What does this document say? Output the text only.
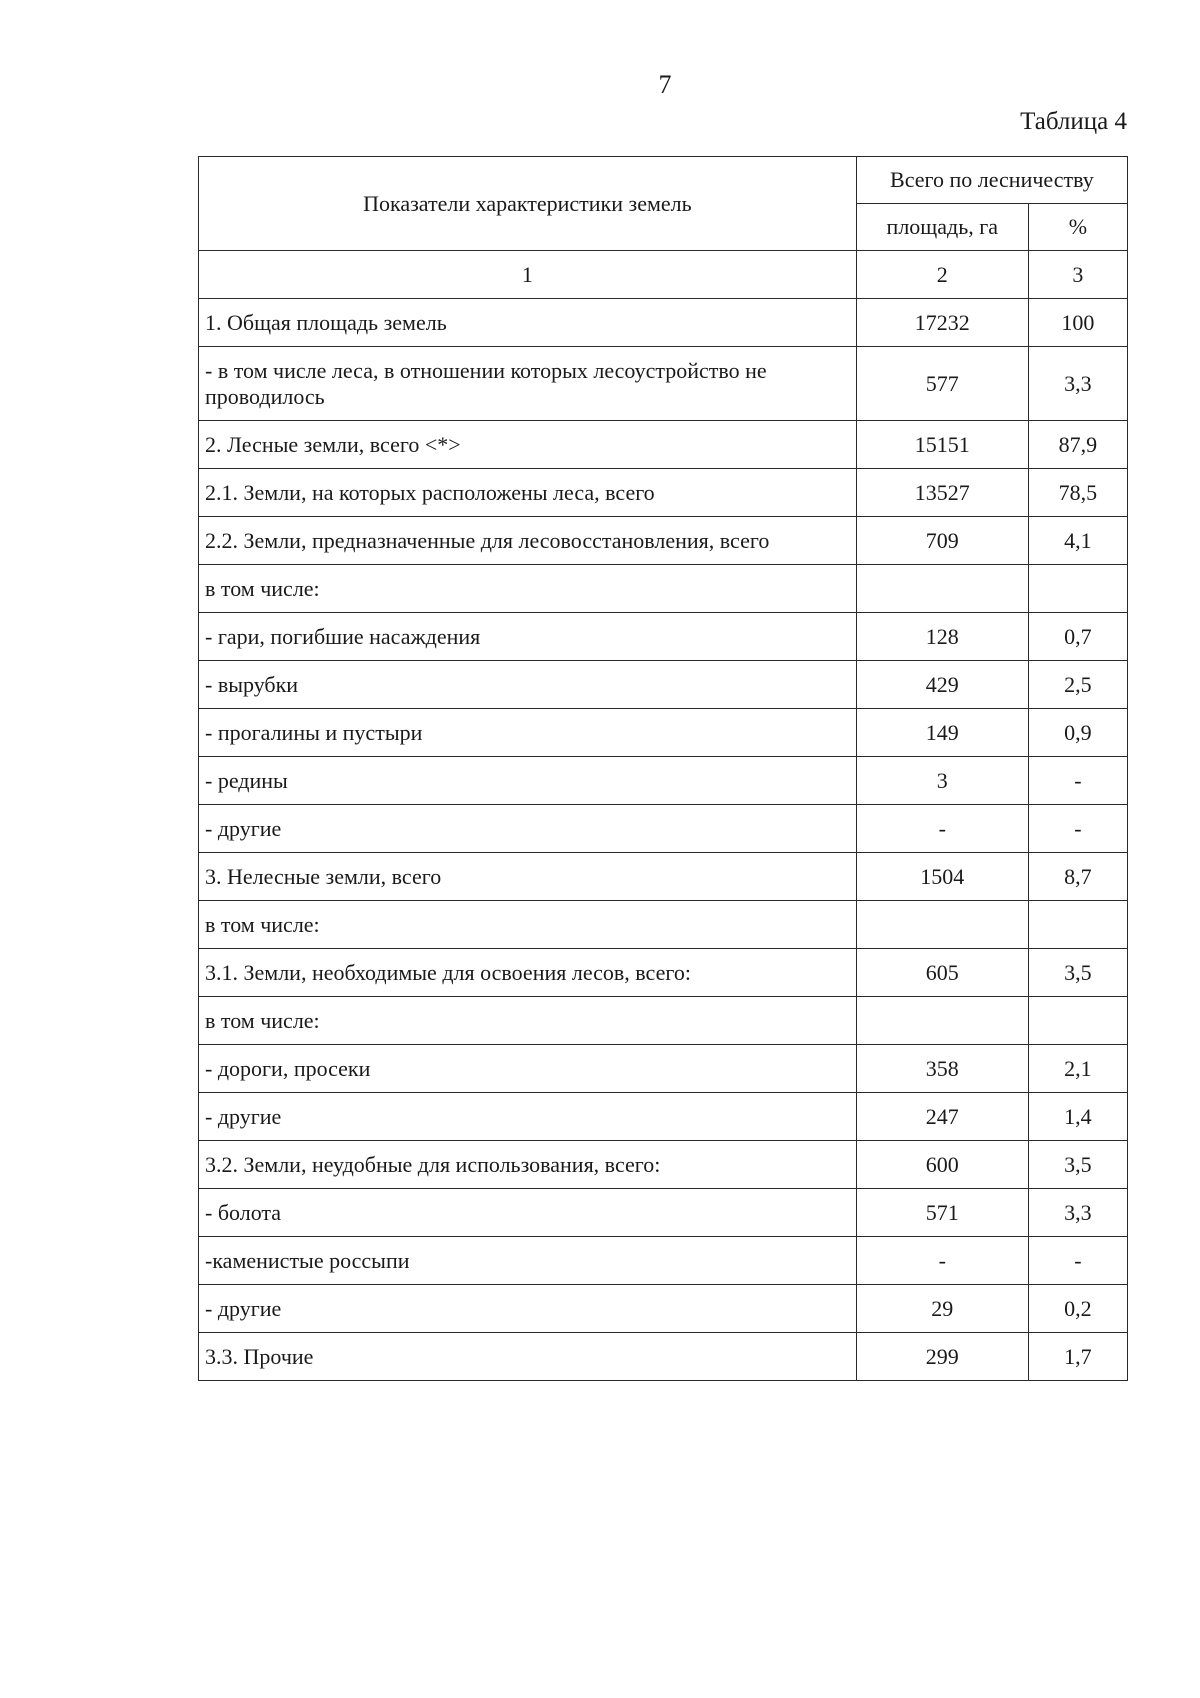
7
Таблица 4
Показатели характеристики земель	Всего по лесничеству	
	площадь, га	%
1	2	3
1. Общая площадь земель	17232	100
- в том числе леса, в отношении которых лесоустройство не проводилось	577	3,3
2. Лесные земли, всего <*>	15151	87,9
2.1. Земли, на которых расположены леса, всего	13527	78,5
2.2. Земли, предназначенные для лесовосстановления, всего	709	4,1
в том числе:		
- гари, погибшие насаждения	128	0,7
- вырубки	429	2,5
- прогалины и пустыри	149	0,9
- редины	3	-
- другие	-	-
3. Нелесные земли, всего	1504	8,7
в том числе:		
3.1. Земли, необходимые для освоения лесов, всего:	605	3,5
в том числе:		
- дороги, просеки	358	2,1
- другие	247	1,4
3.2. Земли, неудобные для использования, всего:	600	3,5
- болота	571	3,3
-каменистые россыпи	-	-
- другие	29	0,2
3.3. Прочие	299	1,7
